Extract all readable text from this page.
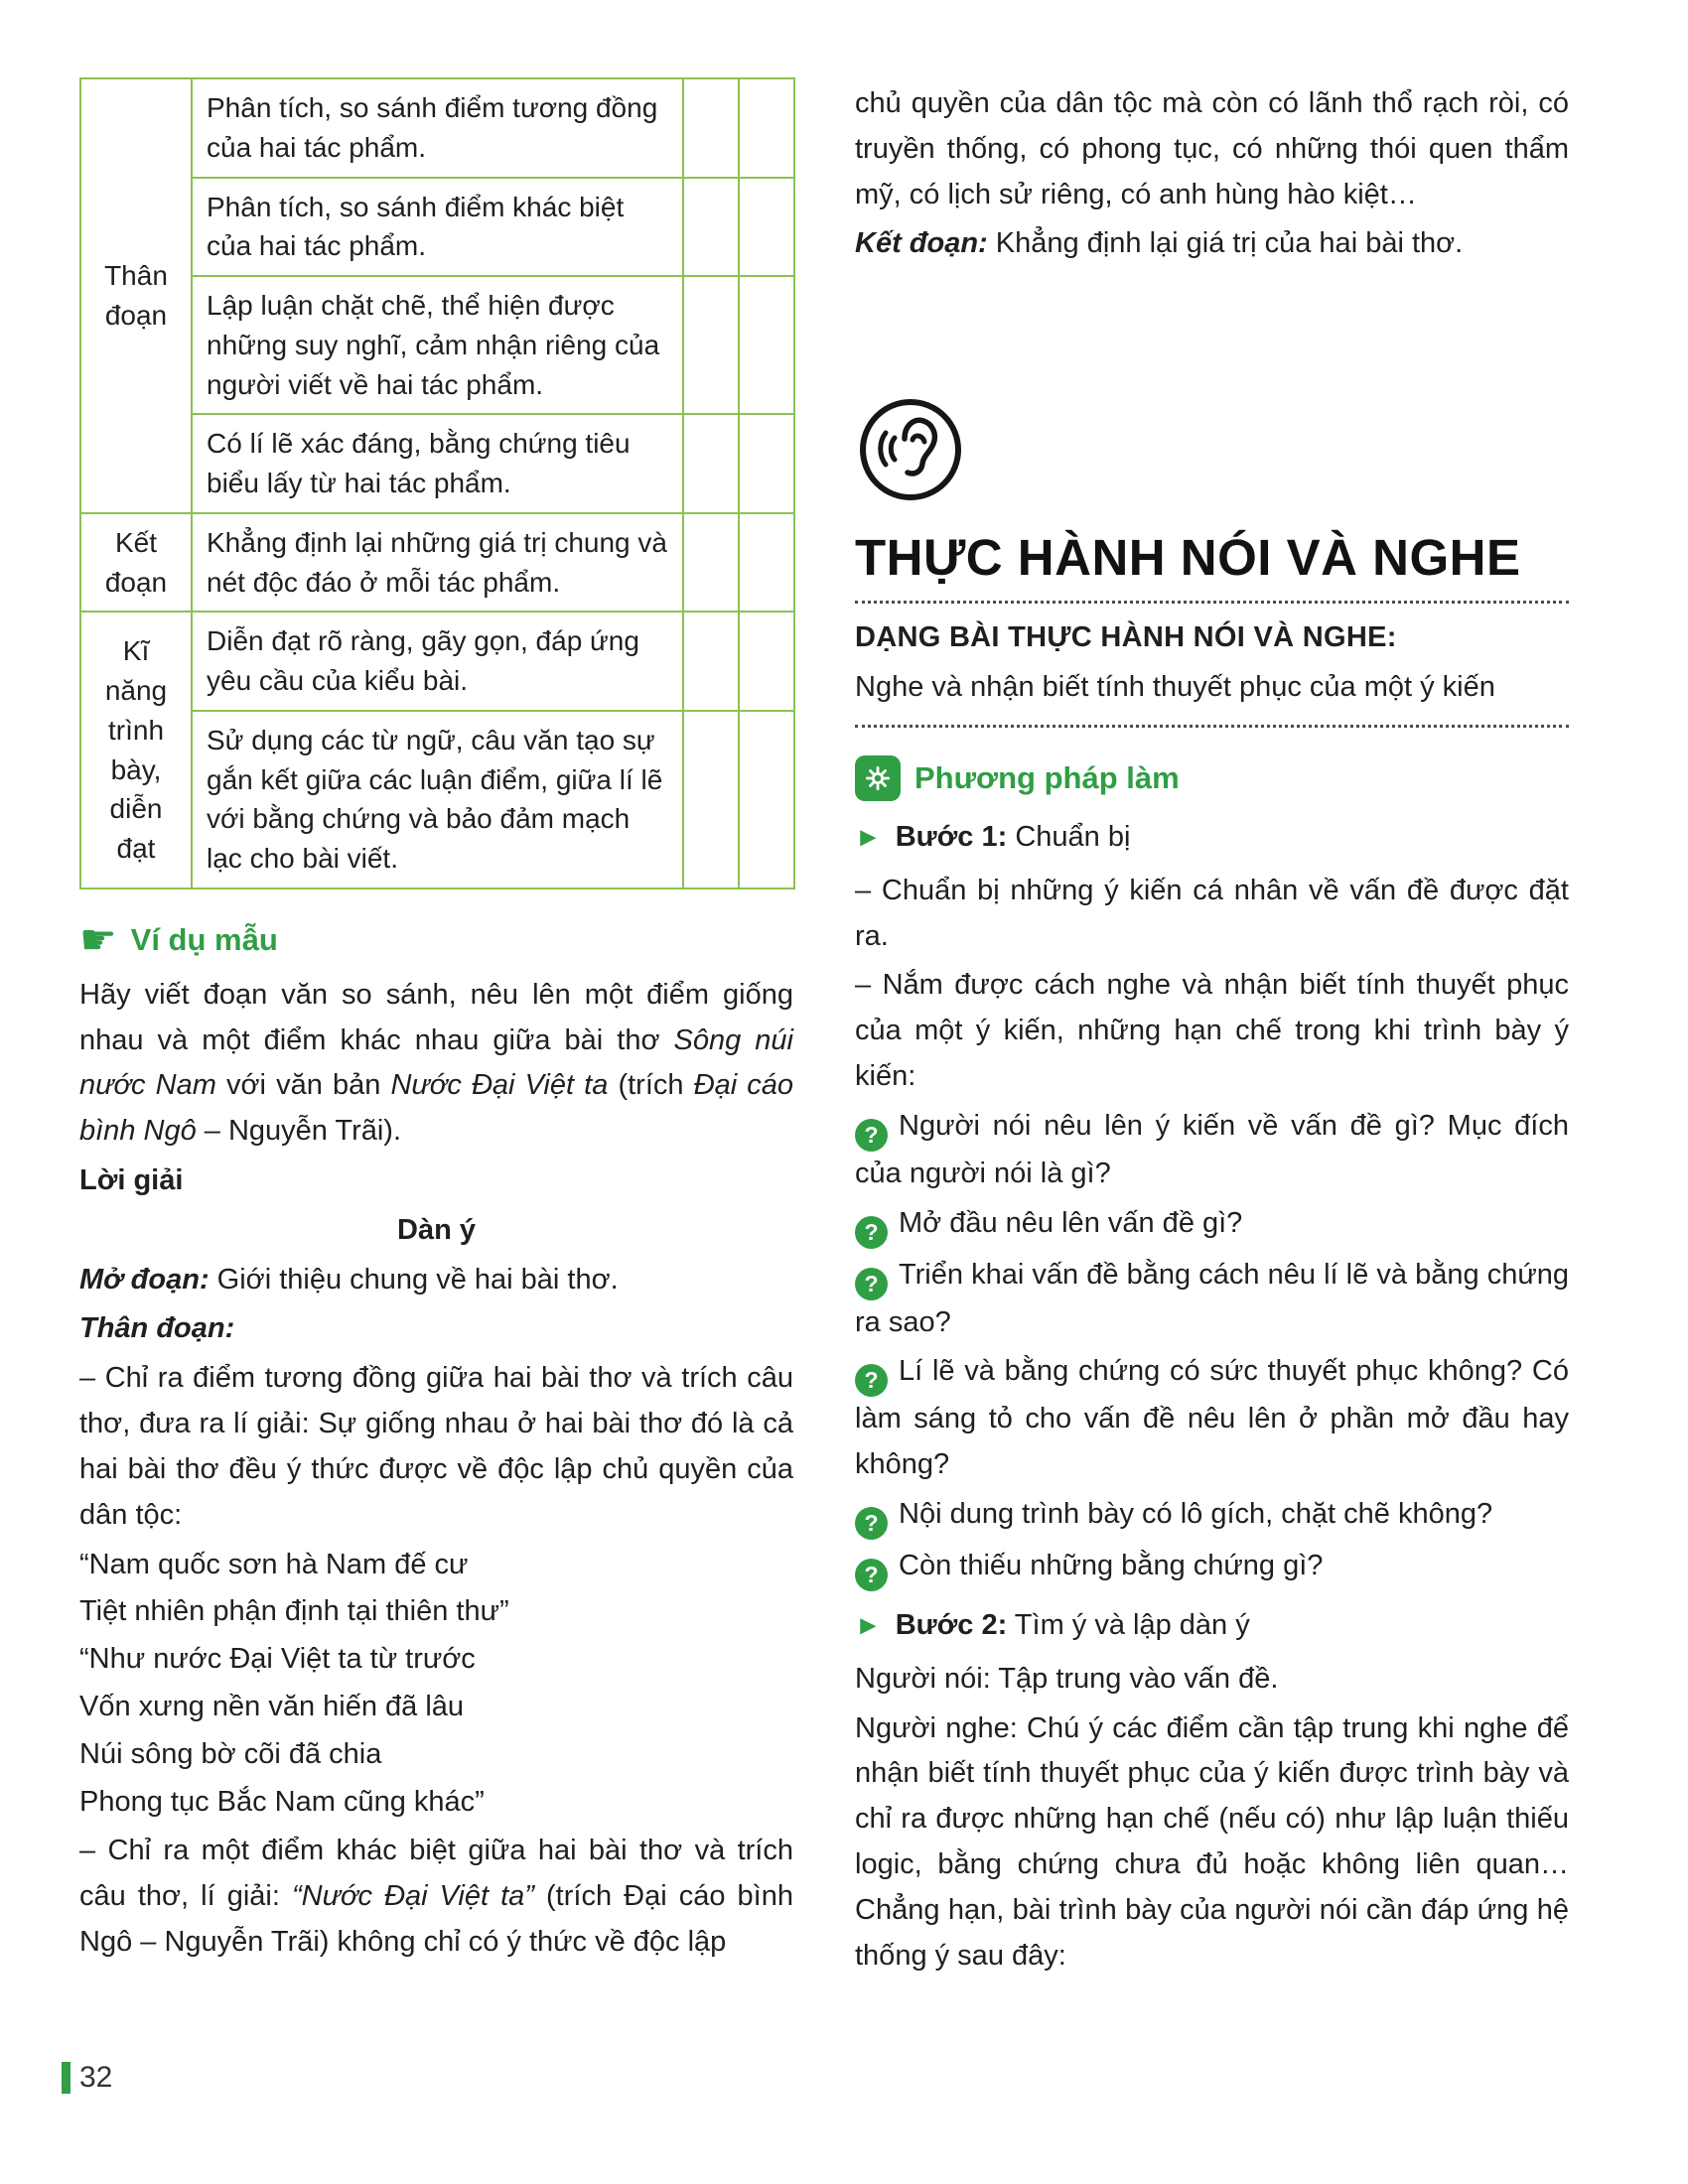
Thân đoạn	Phân tích, so sánh điểm tương đồng của hai tác phẩm.		
	Phân tích, so sánh điểm khác biệt của hai tác phẩm.		
	Lập luận chặt chẽ, thể hiện được những suy nghĩ, cảm nhận riêng của người viết về hai tác phẩm.		
	Có lí lẽ xác đáng, bằng chứng tiêu biểu lấy từ hai tác phẩm.		
Kết đoạn	Khẳng định lại những giá trị chung và nét độc đáo ở mỗi tác phẩm.		
Kĩ năng trình bày, diễn đạt	Diễn đạt rõ ràng, gãy gọn, đáp ứng yêu cầu của kiểu bài.		
	Sử dụng các từ ngữ, câu văn tạo sự gắn kết giữa các luận điểm, giữa lí lẽ với bằng chứng và bảo đảm mạch lạc cho bài viết.		
☛ Ví dụ mẫu

Hãy viết đoạn văn so sánh, nêu lên một điểm giống nhau và một điểm khác nhau giữa bài thơ Sông núi nước Nam với văn bản Nước Đại Việt ta (trích Đại cáo bình Ngô – Nguyễn Trãi).

Lời giải

Dàn ý

Mở đoạn: Giới thiệu chung về hai bài thơ.

Thân đoạn:

– Chỉ ra điểm tương đồng giữa hai bài thơ và trích câu thơ, đưa ra lí giải: Sự giống nhau ở hai bài thơ đó là cả hai bài thơ đều ý thức được về độc lập chủ quyền của dân tộc:

“Nam quốc sơn hà Nam đế cư

Tiệt nhiên phận định tại thiên thư”

“Như nước Đại Việt ta từ trước

Vốn xưng nền văn hiến đã lâu

Núi sông bờ cõi đã chia

Phong tục Bắc Nam cũng khác”

– Chỉ ra một điểm khác biệt giữa hai bài thơ và trích câu thơ, lí giải: “Nước Đại Việt ta” (trích Đại cáo bình Ngô – Nguyễn Trãi) không chỉ có ý thức về độc lập

chủ quyền của dân tộc mà còn có lãnh thổ rạch ròi, có truyền thống, có phong tục, có những thói quen thẩm mỹ, có lịch sử riêng, có anh hùng hào kiệt…

Kết đoạn: Khẳng định lại giá trị của hai bài thơ.

THỰC HÀNH NÓI VÀ NGHE

DẠNG BÀI THỰC HÀNH NÓI VÀ NGHE:

Nghe và nhận biết tính thuyết phục của một ý kiến

Phương pháp làm

► Bước 1: Chuẩn bị

– Chuẩn bị những ý kiến cá nhân về vấn đề được đặt ra.

– Nắm được cách nghe và nhận biết tính thuyết phục của một ý kiến, những hạn chế trong khi trình bày ý kiến:

? Người nói nêu lên ý kiến về vấn đề gì? Mục đích của người nói là gì?

? Mở đầu nêu lên vấn đề gì?

? Triển khai vấn đề bằng cách nêu lí lẽ và bằng chứng ra sao?

? Lí lẽ và bằng chứng có sức thuyết phục không? Có làm sáng tỏ cho vấn đề nêu lên ở phần mở đầu hay không?

? Nội dung trình bày có lô gích, chặt chẽ không?

? Còn thiếu những bằng chứng gì?

► Bước 2: Tìm ý và lập dàn ý

Người nói: Tập trung vào vấn đề.

Người nghe: Chú ý các điểm cần tập trung khi nghe để nhận biết tính thuyết phục của ý kiến được trình bày và chỉ ra được những hạn chế (nếu có) như lập luận thiếu logic, bằng chứng chưa đủ hoặc không liên quan… Chẳng hạn, bài trình bày của người nói cần đáp ứng hệ thống ý sau đây:

32
